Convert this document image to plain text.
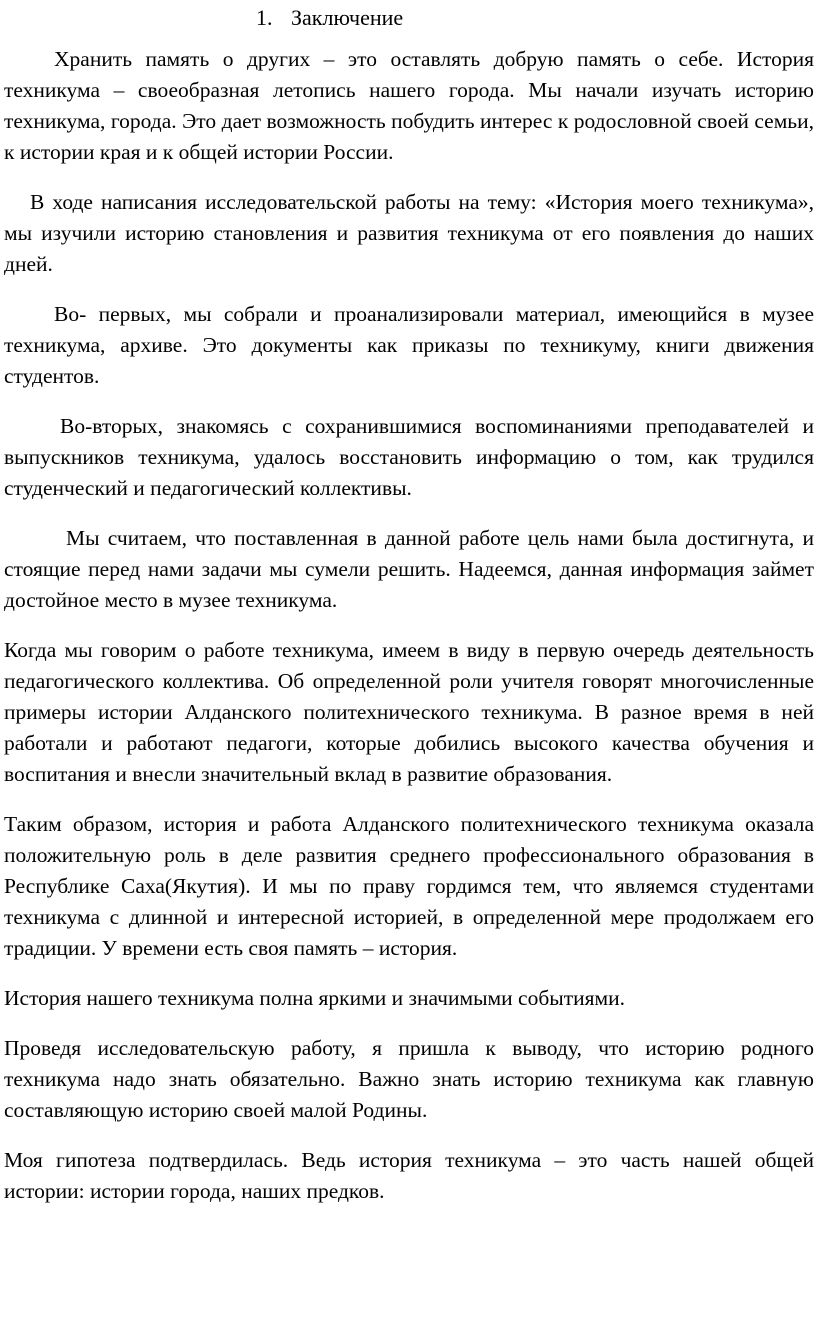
1. Заключение

Хранить память о других – это оставлять добрую память о себе. История техникума – своеобразная летопись нашего города. Мы начали изучать историю техникума, города. Это дает возможность побудить интерес к родословной своей семьи, к истории края и к общей истории России.

В ходе написания исследовательской работы на тему: «История моего техникума», мы изучили историю становления и развития техникума от его появления до наших дней.

Во- первых, мы собрали и проанализировали материал, имеющийся в музее техникума, архиве. Это документы как приказы по техникуму, книги движения студентов.

Во-вторых, знакомясь с сохранившимися воспоминаниями преподавателей и выпускников техникума, удалось восстановить информацию о том, как трудился студенческий и педагогический коллективы.

Мы считаем, что поставленная в данной работе цель нами была достигнута, и стоящие перед нами задачи мы сумели решить. Надеемся, данная информация займет достойное место в музее техникума.

Когда мы говорим о работе техникума, имеем в виду в первую очередь деятельность педагогического коллектива. Об определенной роли учителя говорят многочисленные примеры истории Алданского политехнического техникума. В разное время в ней работали и работают педагоги, которые добились высокого качества обучения и воспитания и внесли значительный вклад в развитие образования.

Таким образом, история и работа Алданского политехнического техникума оказала положительную роль в деле развития среднего профессионального образования в Республике Саха(Якутия). И мы по праву гордимся тем, что являемся студентами техникума с длинной и интересной историей, в определенной мере продолжаем его традиции. У времени есть своя память – история.

История нашего техникума полна яркими и значимыми событиями.

Проведя исследовательскую работу, я пришла к выводу, что историю родного техникума надо знать обязательно. Важно знать историю техникума как главную составляющую историю своей малой Родины.

Моя гипотеза подтвердилась. Ведь история техникума – это часть нашей общей истории: истории города, наших предков.
